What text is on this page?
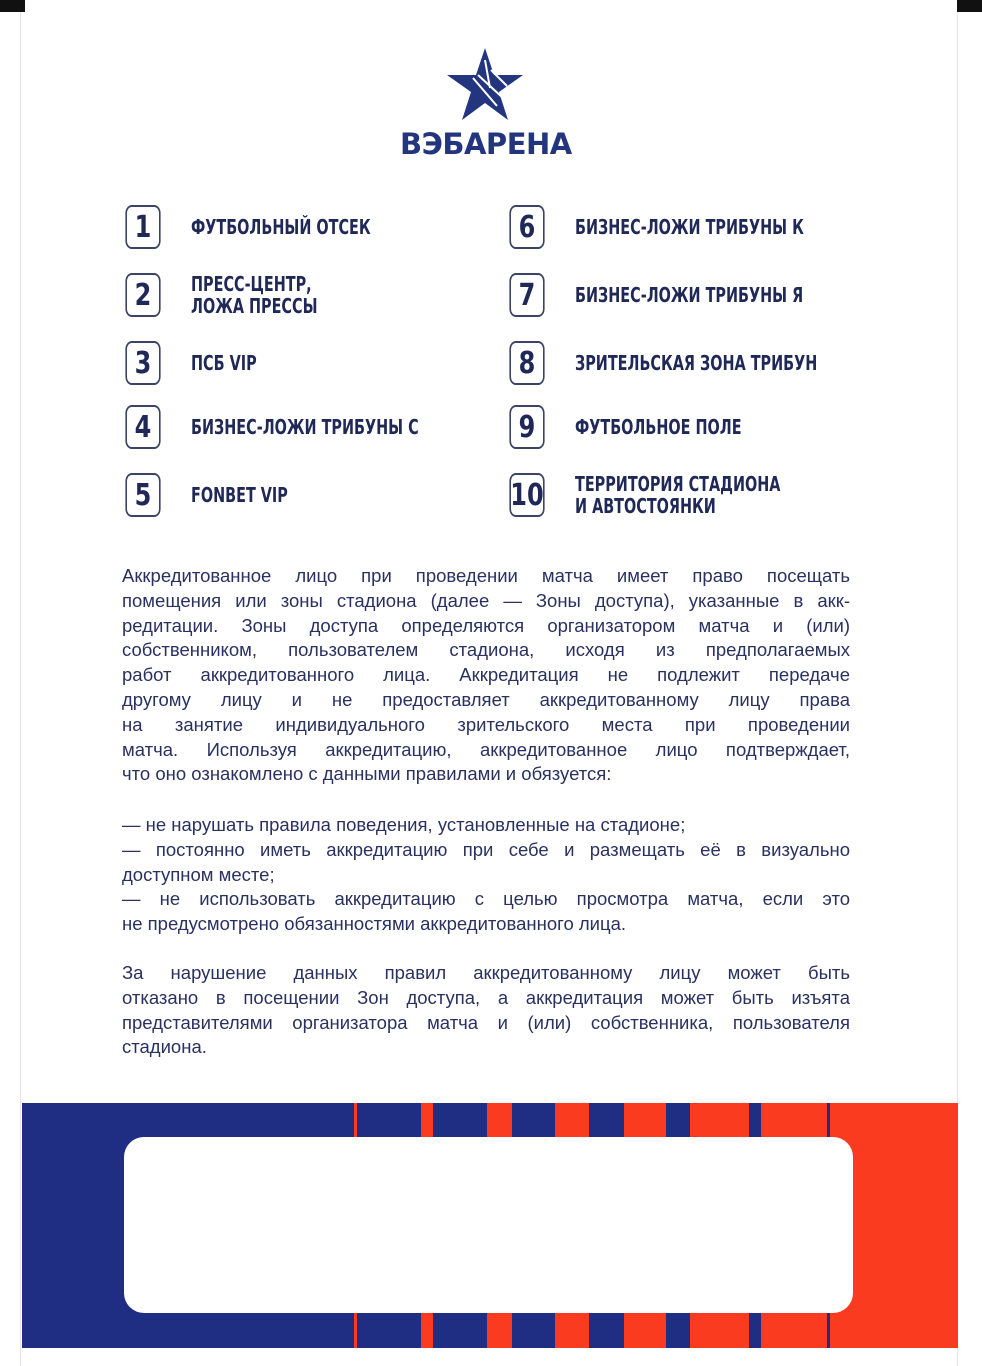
ВЭБАРЕНА
1	ФУТБОЛЬНЫЙ ОТСЕК
2	ПРЕСС-ЦЕНТР,
ЛОЖА ПРЕССЫ
3	ПСБ VIP
4	БИЗНЕС-ЛОЖИ ТРИБУНЫ С
5	FONBET VIP
6	БИЗНЕС-ЛОЖИ ТРИБУНЫ К
7	БИЗНЕС-ЛОЖИ ТРИБУНЫ Я
8	ЗРИТЕЛЬСКАЯ ЗОНА ТРИБУН
9	ФУТБОЛЬНОЕ ПОЛЕ
10 ТЕРРИТОРИЯ СТАДИОНА
И АВТОСТОЯНКИ
Аккредитованное лицо при проведении матча имеет право посещать
помещения или зоны стадиона (далее — Зоны доступа), указанные в акк-
редитации. Зоны доступа определяются организатором матча и (или)
собственником, пользователем стадиона, исходя из предполагаемых
работ аккредитованного лица. Аккредитация не подлежит передаче
другому лицу и не предоставляет аккредитованному лицу права
на занятие индивидуального зрительского места при проведении
матча. Используя аккредитацию, аккредитованное лицо подтверждает,
что оно ознакомлено с данными правилами и обязуется:
— не нарушать правила поведения, установленные на стадионе;
— постоянно иметь аккредитацию при себе и размещать её в визуально
доступном месте;
— не использовать аккредитацию с целью просмотра матча, если это
не предусмотрено обязанностями аккредитованного лица.
За нарушение данных правил аккредитованному лицу может быть
отказано в посещении Зон доступа, а аккредитация может быть изъята
представителями организатора матча и (или) собственника, пользователя
стадиона.
